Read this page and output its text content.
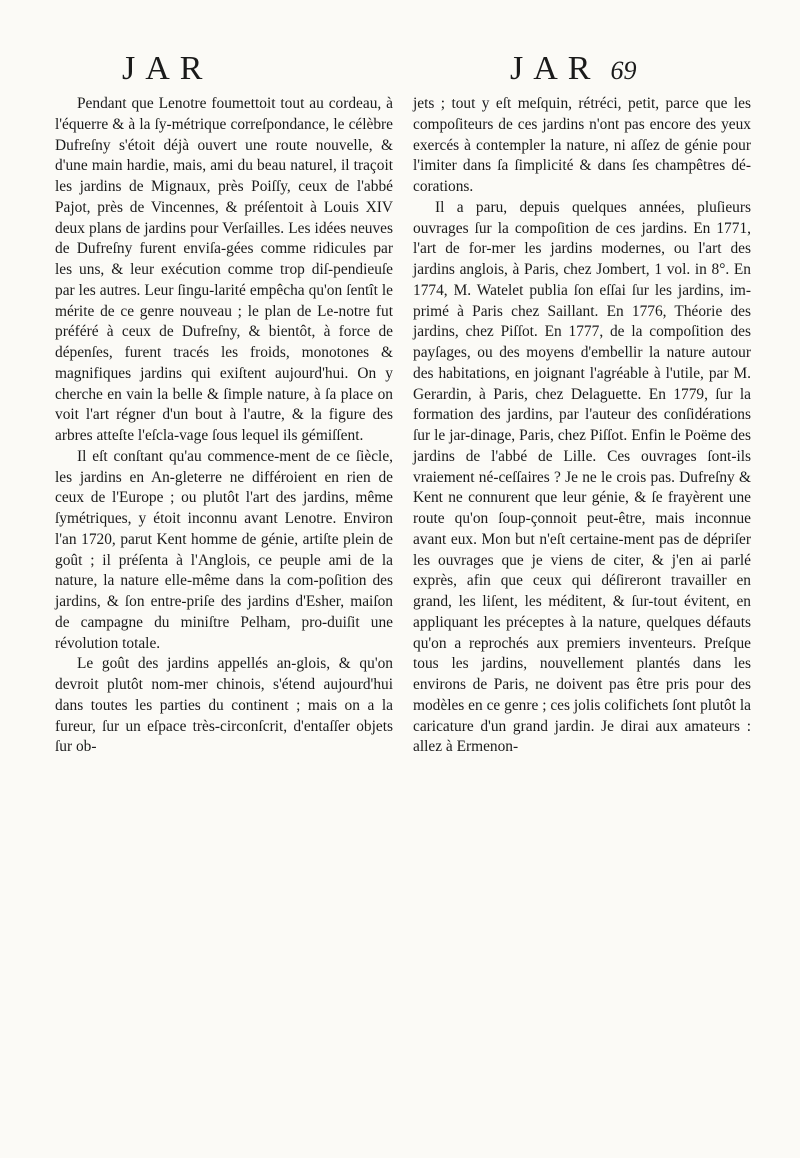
JAR	JAR 69

Pendant que Lenotre foumettoit tout au cordeau, à l'équerre & à la ſy-métrique correſpondance, le célèbre Dufreſny s'étoit déjà ouvert une route nouvelle, & d'une main hardie, mais, ami du beau naturel, il traçoit les jardins de Mignaux, près Poiſſy, ceux de l'abbé Pajot, près de Vincennes, & préſentoit à Louis XIV deux plans de jardins pour Verſailles. Les idées neuves de Dufreſny furent enviſa-gées comme ridicules par les uns, & leur exécution comme trop diſ-pendieuſe par les autres. Leur ſingu-larité empêcha qu'on ſentît le mérite de ce genre nouveau ; le plan de Le-notre fut préféré à ceux de Dufreſny, & bientôt, à force de dépenſes, furent tracés les froids, monotones & magnifiques jardins qui exiſtent aujourd'hui. On y cherche en vain la belle & ſimple nature, à ſa place on voit l'art régner d'un bout à l'autre, & la figure des arbres atteſte l'eſcla-vage ſous lequel ils gémiſſent.

Il eſt conſtant qu'au commence-ment de ce ſiècle, les jardins en An-gleterre ne différoient en rien de ceux de l'Europe ; ou plutôt l'art des jardins, même ſymétriques, y étoit inconnu avant Lenotre. Environ l'an 1720, parut Kent homme de génie, artiſte plein de goût ; il préſenta à l'Anglois, ce peuple ami de la nature, la nature elle-même dans la com-poſition des jardins, & ſon entre-priſe des jardins d'Esher, maiſon de campagne du miniſtre Pelham, pro-duiſit une révolution totale.

Le goût des jardins appellés an-glois, & qu'on devroit plutôt nom-mer chinois, s'étend aujourd'hui dans toutes les parties du continent ; mais on a la fureur, ſur un eſpace très-circonſcrit, d'entaſſer objets ſur ob-

jets ; tout y eſt meſquin, rétréci, petit, parce que les compoſiteurs de ces jardins n'ont pas encore des yeux exercés à contempler la nature, ni aſſez de génie pour l'imiter dans ſa ſimplicité & dans ſes champêtres dé-corations.

Il a paru, depuis quelques années, pluſieurs ouvrages ſur la compoſition de ces jardins. En 1771, l'art de for-mer les jardins modernes, ou l'art des jardins anglois, à Paris, chez Jombert, 1 vol. in 8°. En 1774, M. Watelet publia ſon eſſai ſur les jardins, im-primé à Paris chez Saillant. En 1776, Théorie des jardins, chez Piſſot. En 1777, de la compoſition des payſages, ou des moyens d'embellir la nature autour des habitations, en joignant l'agréable à l'utile, par M. Gerardin, à Paris, chez Delaguette. En 1779, ſur la formation des jardins, par l'auteur des conſidérations ſur le jar-dinage, Paris, chez Piſſot. Enfin le Poëme des jardins de l'abbé de Lille. Ces ouvrages ſont-ils vraiement né-ceſſaires ? Je ne le crois pas. Dufreſny & Kent ne connurent que leur génie, & ſe frayèrent une route qu'on ſoup-çonnoit peut-être, mais inconnue avant eux. Mon but n'eſt certaine-ment pas de dépriſer les ouvrages que je viens de citer, & j'en ai parlé exprès, afin que ceux qui déſireront travailler en grand, les liſent, les méditent, & ſur-tout évitent, en appliquant les préceptes à la nature, quelques défauts qu'on a reprochés aux premiers inventeurs. Preſque tous les jardins, nouvellement plantés dans les environs de Paris, ne doivent pas être pris pour des modèles en ce genre ; ces jolis colifichets ſont plutôt la caricature d'un grand jardin. Je dirai aux amateurs : allez à Ermenon-
